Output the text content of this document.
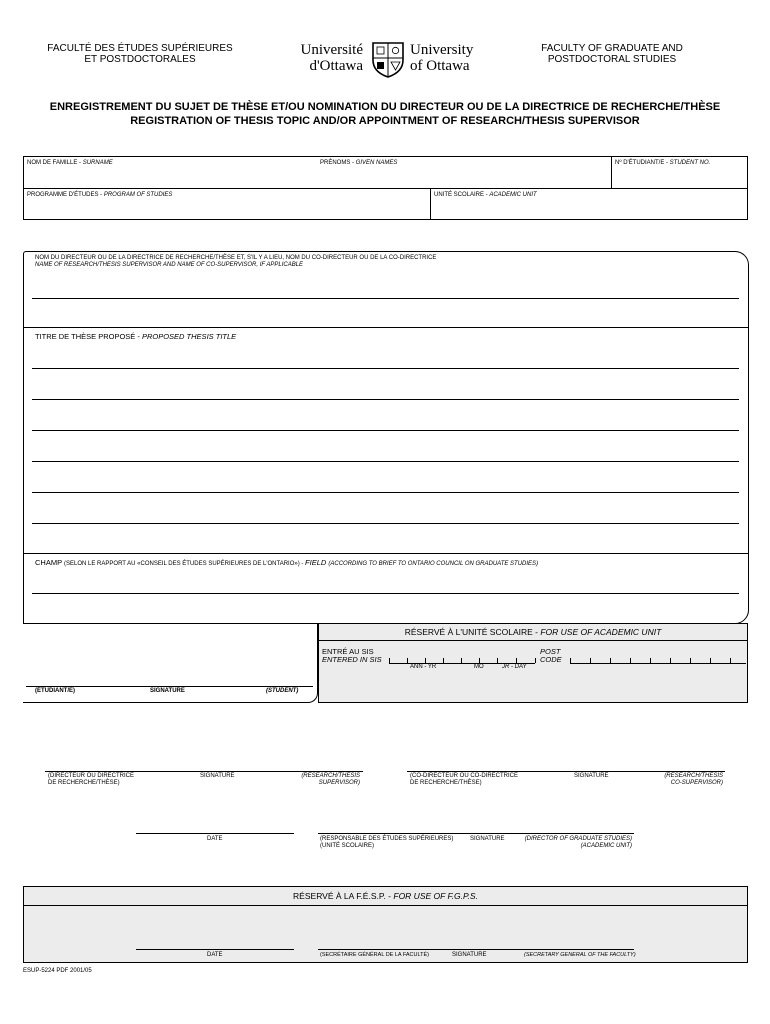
FACULTÉ DES ÉTUDES SUPÉRIEURES
ET POSTDOCTORALES
FACULTY OF GRADUATE AND
POSTDOCTORAL STUDIES
Université
d'Ottawa
University
of Ottawa
ENREGISTREMENT DU SUJET DE THÈSE ET/OU NOMINATION DU DIRECTEUR OU DE LA DIRECTRICE DE RECHERCHE/THÈSE
REGISTRATION OF THESIS TOPIC AND/OR APPOINTMENT OF RESEARCH/THESIS SUPERVISOR
NOM DE FAMILLE - SURNAME	PRÉNOMS - GIVEN NAMES	Nº D'ÉTUDIANT/E - STUDENT NO.
PROGRAMME D'ÉTUDES - PROGRAM OF STUDIES	UNITÉ SCOLAIRE - ACADEMIC UNIT
NOM DU DIRECTEUR OU DE LA DIRECTRICE DE RECHERCHE/THÈSE ET, S'IL Y A LIEU, NOM DU CO-DIRECTEUR OU DE LA CO-DIRECTRICE
NAME OF RESEARCH/THESIS SUPERVISOR AND NAME OF CO-SUPERVISOR, IF APPLICABLE
TITRE DE THÈSE PROPOSÉ - PROPOSED THESIS TITLE
CHAMP (SELON LE RAPPORT AU «CONSEIL DES ÉTUDES SUPÉRIEURES DE L'ONTARIO») - FIELD (ACCORDING TO BRIEF TO ONTARIO COUNCIL ON GRADUATE STUDIES)
(ÉTUDIANT/E)	SIGNATURE	(STUDENT)
RÉSERVÉ À L'UNITÉ SCOLAIRE - FOR USE OF ACADEMIC UNIT
ENTRÉ AU SIS
ENTERED IN SIS
ANN - YR	MO	JR - DAY
POST
CODE
(DIRECTEUR OU DIRECTRICE
DE RECHERCHE/THÈSE)
SIGNATURE	(RESEARCH/THESIS
SUPERVISOR)
(CO-DIRECTEUR OU CO-DIRECTRICE
DE RECHERCHE/THÈSE)
SIGNATURE	(RESEARCH/THESIS
CO-SUPERVISOR)
DATE	(RESPONSABLE DES ÉTUDES SUPÉRIEURES)
(UNITÉ SCOLAIRE)
SIGNATURE	(DIRECTOR OF GRADUATE STUDIES)
(ACADEMIC UNIT)
RÉSERVÉ À LA F.É.S.P. - FOR USE OF F.G.P.S.
DATE	(SECRÉTAIRE GÉNÉRAL DE LA FACULTÉ)	SIGNATURE	(SECRETARY GENERAL OF THE FACULTY)
ESUP-5224 PDF 2001/05
